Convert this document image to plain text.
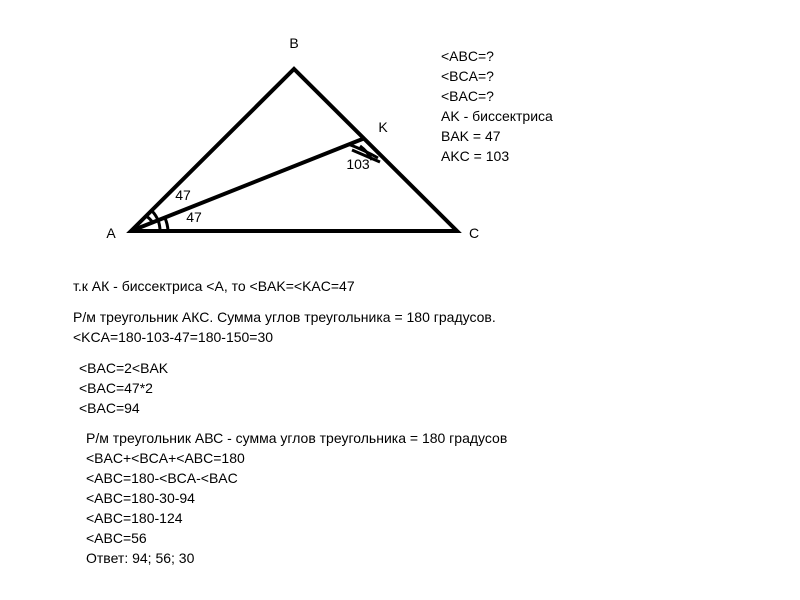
B
A	C
K
47
47
103
<ABC=?
<BCA=?
<BAC=?
AK - биссектриса
BAK = 47
AKC = 103
т.к АК - биссектриса <А, то <BAK=<KAC=47
Р/м треугольник АКС. Сумма углов треугольника = 180 градусов.
<KCA=180-103-47=180-150=30
<BAC=2<BAK
<BAC=47*2
<BAC=94
Р/м треугольник АВС - сумма углов треугольника = 180 градусов
<BAC+<BCA+<ABC=180
<ABC=180-<BCA-<BAC
<ABC=180-30-94
<ABC=180-124
<ABC=56
Ответ: 94; 56; 30
